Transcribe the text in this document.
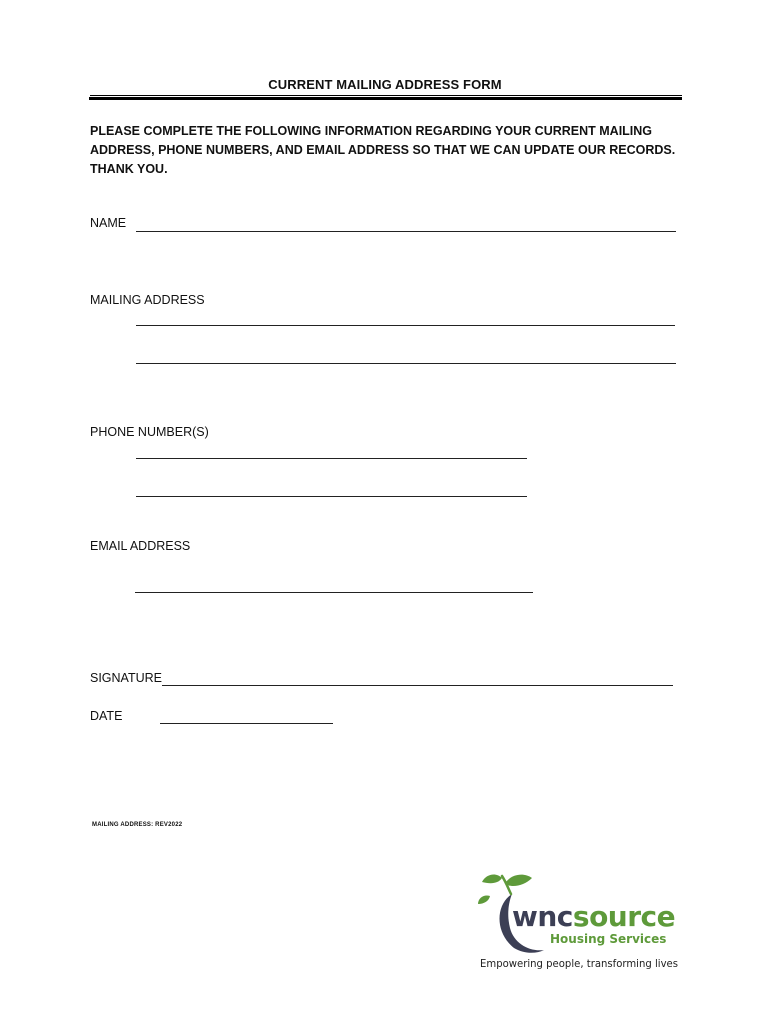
CURRENT MAILING ADDRESS FORM
PLEASE COMPLETE THE FOLLOWING INFORMATION REGARDING YOUR CURRENT MAILING
ADDRESS, PHONE NUMBERS, AND EMAIL ADDRESS SO THAT WE CAN UPDATE OUR RECORDS.
THANK YOU.
NAME
MAILING ADDRESS
PHONE NUMBER(S)
EMAIL ADDRESS
SIGNATURE
DATE
MAILING ADDRESS: REV2022
wncsource
Housing Services
Empowering people, transforming lives
